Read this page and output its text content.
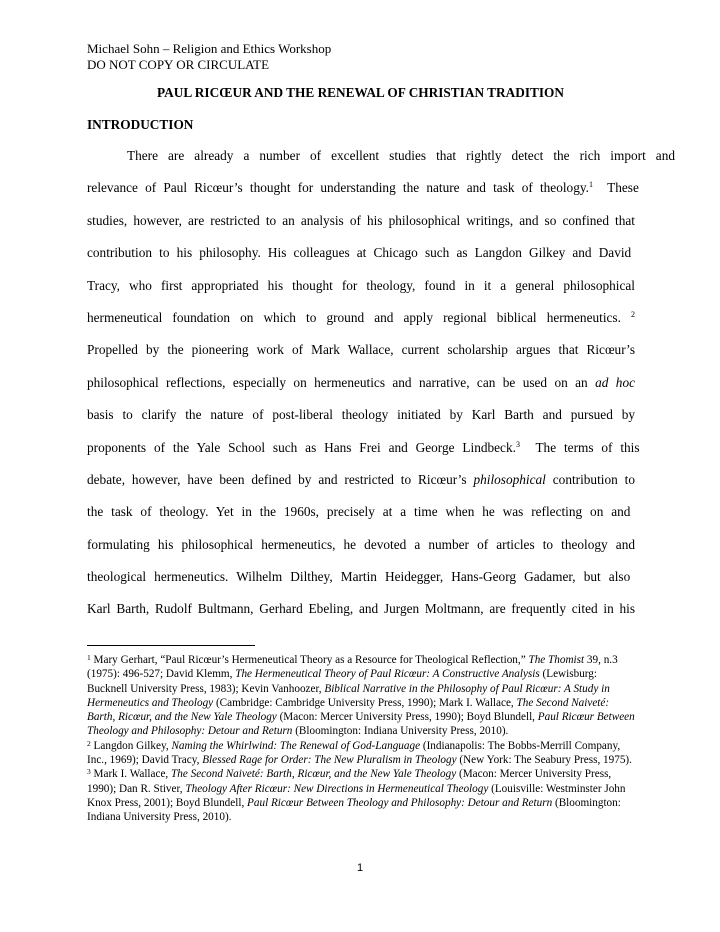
Michael Sohn – Religion and Ethics Workshop
DO NOT COPY OR CIRCULATE
PAUL RICŒUR AND THE RENEWAL OF CHRISTIAN TRADITION
INTRODUCTION
There are already a number of excellent studies that rightly detect the rich import and
relevance of Paul Ricœur’s thought for understanding the nature and task of theology.$^1$ These
studies, however, are restricted to an analysis of his philosophical writings, and so confined that
contribution to his philosophy. His colleagues at Chicago such as Langdon Gilkey and David
Tracy, who first appropriated his thought for theology, found in it a general philosophical
hermeneutical foundation on which to ground and apply regional biblical hermeneutics. $^2$
Propelled by the pioneering work of Mark Wallace, current scholarship argues that Ricœur’s
philosophical reflections, especially on hermeneutics and narrative, can be used on an ad hoc
basis to clarify the nature of post-liberal theology initiated by Karl Barth and pursued by
proponents of the Yale School such as Hans Frei and George Lindbeck.$^3$ The terms of this
debate, however, have been defined by and restricted to Ricœur’s philosophical contribution to
the task of theology. Yet in the 1960s, precisely at a time when he was reflecting on and
formulating his philosophical hermeneutics, he devoted a number of articles to theology and
theological hermeneutics. Wilhelm Dilthey, Martin Heidegger, Hans-Georg Gadamer, but also
Karl Barth, Rudolf Bultmann, Gerhard Ebeling, and Jurgen Moltmann, are frequently cited in his

$^1$ Mary Gerhart, “Paul Ricœur’s Hermeneutical Theory as a Resource for Theological Reflection,” The Thomist 39, n.3 (1975): 496-527; David Klemm, The Hermeneutical Theory of Paul Ricœur: A Constructive Analysis (Lewisburg: Bucknell University Press, 1983); Kevin Vanhoozer, Biblical Narrative in the Philosophy of Paul Ricœur: A Study in Hermeneutics and Theology (Cambridge: Cambridge University Press, 1990); Mark I. Wallace, The Second Naiveté: Barth, Ricœur, and the New Yale Theology (Macon: Mercer University Press, 1990); Boyd Blundell, Paul Ricœur Between Theology and Philosophy: Detour and Return (Bloomington: Indiana University Press, 2010).

$^2$ Langdon Gilkey, Naming the Whirlwind: The Renewal of God-Language (Indianapolis: The Bobbs-Merrill Company, Inc., 1969); David Tracy, Blessed Rage for Order: The New Pluralism in Theology (New York: The Seabury Press, 1975).

$^3$ Mark I. Wallace, The Second Naiveté: Barth, Ricœur, and the New Yale Theology (Macon: Mercer University Press, 1990); Dan R. Stiver, Theology After Ricœur: New Directions in Hermeneutical Theology (Louisville: Westminster John Knox Press, 2001); Boyd Blundell, Paul Ricœur Between Theology and Philosophy: Detour and Return (Bloomington: Indiana University Press, 2010).

1
